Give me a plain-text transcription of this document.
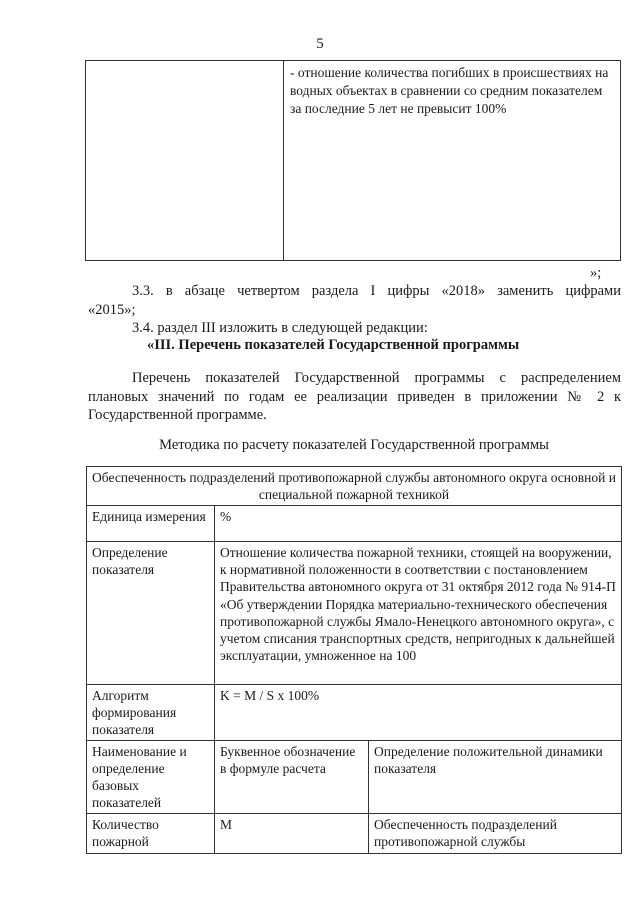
5
	- отношение количества погибших в происшествиях на водных объектах в сравнении со средним показателем за последние 5 лет не превысит 100%
»;
3.3. в абзаце четвертом раздела I цифры «2018» заменить цифрами
«2015»;
3.4. раздел III изложить в следующей редакции:
«III. Перечень показателей Государственной программы
Перечень показателей Государственной программы с распределением
плановых значений по годам ее реализации приведен в приложении № 2 к
Государственной программе.
Методика по расчету показателей Государственной программы
Обеспеченность подразделений противопожарной службы автономного округа основной и специальной пожарной техникой		
Единица измерения	%	
Определение показателя	Отношение количества пожарной техники, стоящей на вооружении, к нормативной положенности в соответствии с постановлением Правительства автономного округа от 31 октября 2012 года № 914-П «Об утверждении Порядка материально-технического обеспечения противопожарной службы Ямало-Ненецкого автономного округа», с учетом списания транспортных средств, непригодных к дальнейшей эксплуатации, умноженное на 100	
Алгоритм формирования показателя	K = M / S x 100%	
Наименование и определение базовых показателей	Буквенное обозначение в формуле расчета	Определение положительной динамики показателя
Количество пожарной	M	Обеспеченность подразделений противопожарной службы
